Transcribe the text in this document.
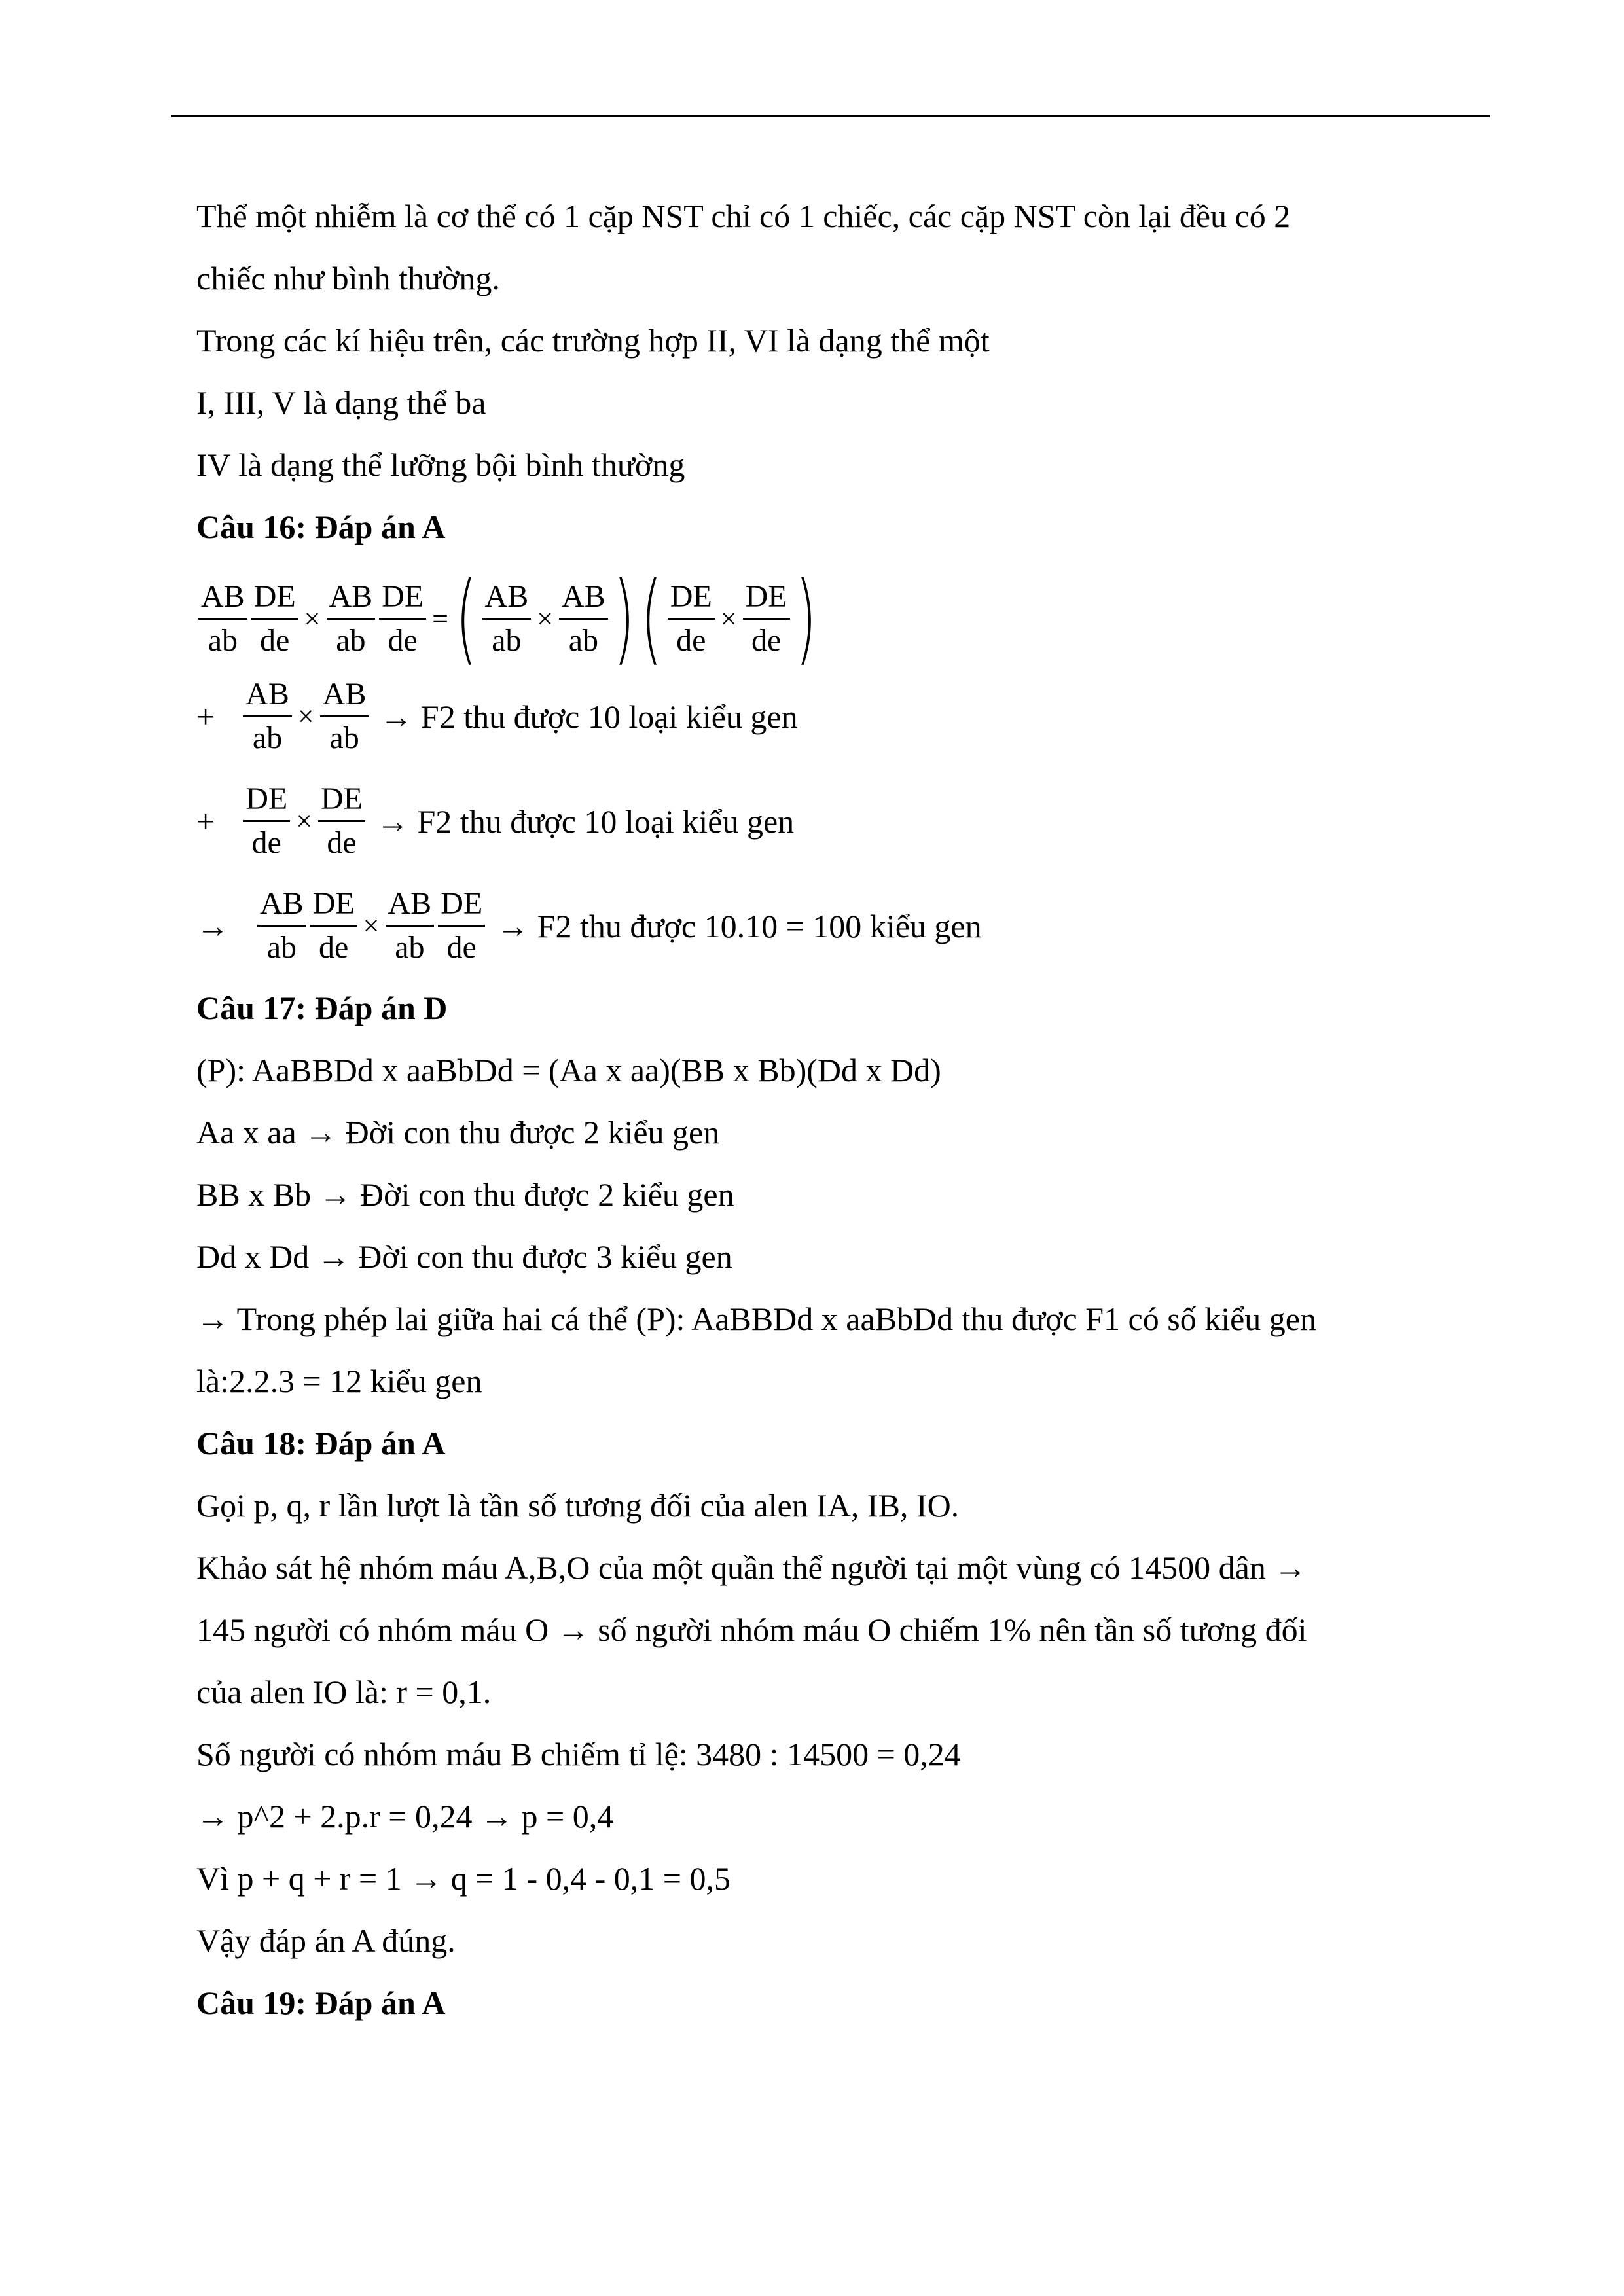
Thể một nhiễm là cơ thể có 1 cặp NST chỉ có 1 chiếc, các cặp NST còn lại đều có 2
chiếc như bình thường.
Trong các kí hiệu trên, các trường hợp II, VI là dạng thể một
I, III, V là dạng thể ba
IV là dạng thể lưỡng bội bình thường
Câu 16: Đáp án A
$\frac{AB}{ab} \frac{DE}{de} \times \frac{AB}{ab} \frac{DE}{de}$ = ( $\frac{AB}{ab} \times \frac{AB}{ab}$ ) ( $\frac{DE}{de} \times \frac{DE}{de}$ )
+ $\frac{AB}{ab} \times \frac{AB}{ab} \to F2$ thu được 10 loại kiểu gen
+ $\frac{DE}{de} \times \frac{DE}{de} \to F2$ thu được 10 loại kiểu gen
→ $\frac{AB}{ab} \frac{DE}{de} \times \frac{AB}{ab} \frac{DE}{de} \to F2$ thu được 10.10 = 100 kiểu gen
Câu 17: Đáp án D
(P): AaBBDd x aaBbDd = (Aa x aa)(BB x Bb)(Dd x Dd)
Aa x aa → Đời con thu được 2 kiểu gen
BB x Bb → Đời con thu được 2 kiểu gen
Dd x Dd → Đời con thu được 3 kiểu gen
→ Trong phép lai giữa hai cá thể (P): AaBBDd x aaBbDd thu được F1 có số kiểu gen
là:2.2.3 = 12 kiểu gen
Câu 18: Đáp án A
Gọi p, q, r lần lượt là tần số tương đối của alen IA, IB, IO.
Khảo sát hệ nhóm máu A,B,O của một quần thể người tại một vùng có 14500 dân →
145 người có nhóm máu O → số người nhóm máu O chiếm 1% nên tần số tương đối
của alen IO là: r = 0,1.
Số người có nhóm máu B chiếm tỉ lệ: 3480 : 14500 = 0,24
→ p^2 + 2.p.r = 0,24 → p = 0,4
Vì p + q + r = 1 → q = 1 - 0,4 - 0,1 = 0,5
Vậy đáp án A đúng.
Câu 19: Đáp án A
